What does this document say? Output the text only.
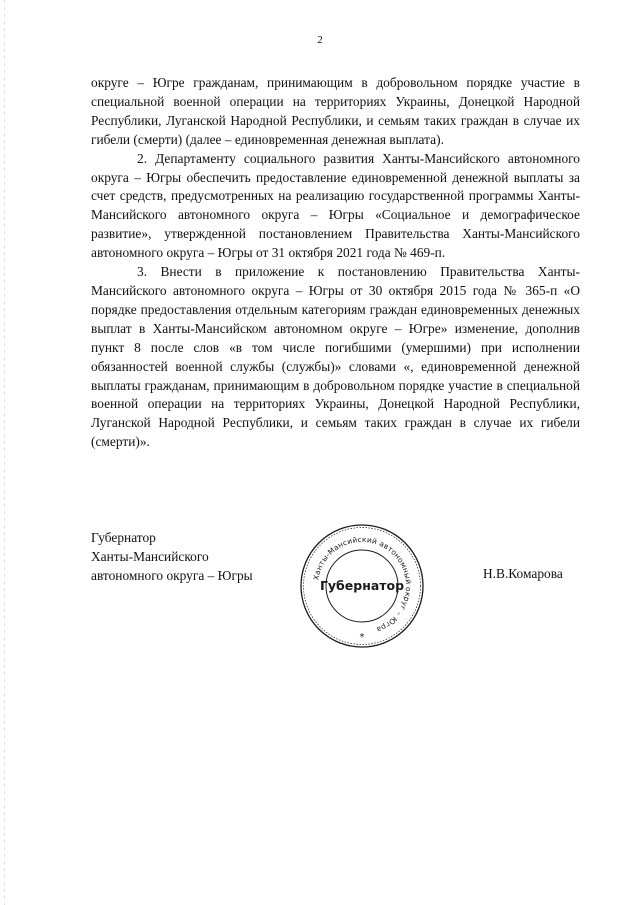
2

округе – Югре гражданам, принимающим в добровольном порядке участие в специальной военной операции на территориях Украины, Донецкой Народной Республики, Луганской Народной Республики, и семьям таких граждан в случае их гибели (смерти) (далее – единовременная денежная выплата).

2. Департаменту социального развития Ханты-Мансийского автономного округа – Югры обеспечить предоставление единовременной денежной выплаты за счет средств, предусмотренных на реализацию государственной программы Ханты-Мансийского автономного округа – Югры «Социальное и демографическое развитие», утвержденной постановлением Правительства Ханты-Мансийского автономного округа – Югры от 31 октября 2021 года № 469-п.

3. Внести в приложение к постановлению Правительства Ханты-Мансийского автономного округа – Югры от 30 октября 2015 года № 365-п «О порядке предоставления отдельным категориям граждан единовременных денежных выплат в Ханты-Мансийском автономном округе – Югре» изменение, дополнив пункт 8 после слов «в том числе погибшими (умершими) при исполнении обязанностей военной службы (службы)» словами «, единовременной денежной выплаты гражданам, принимающим в добровольном порядке участие в специальной военной операции на территориях Украины, Донецкой Народной Республики, Луганской Народной Республики, и семьям таких граждан в случае их гибели (смерти)».

Губернатор
Ханты-Мансийского
автономного округа – Югры	Ханты-Мансийский автономный округ – Югра
Губернатор
*
Н.В.Комарова
